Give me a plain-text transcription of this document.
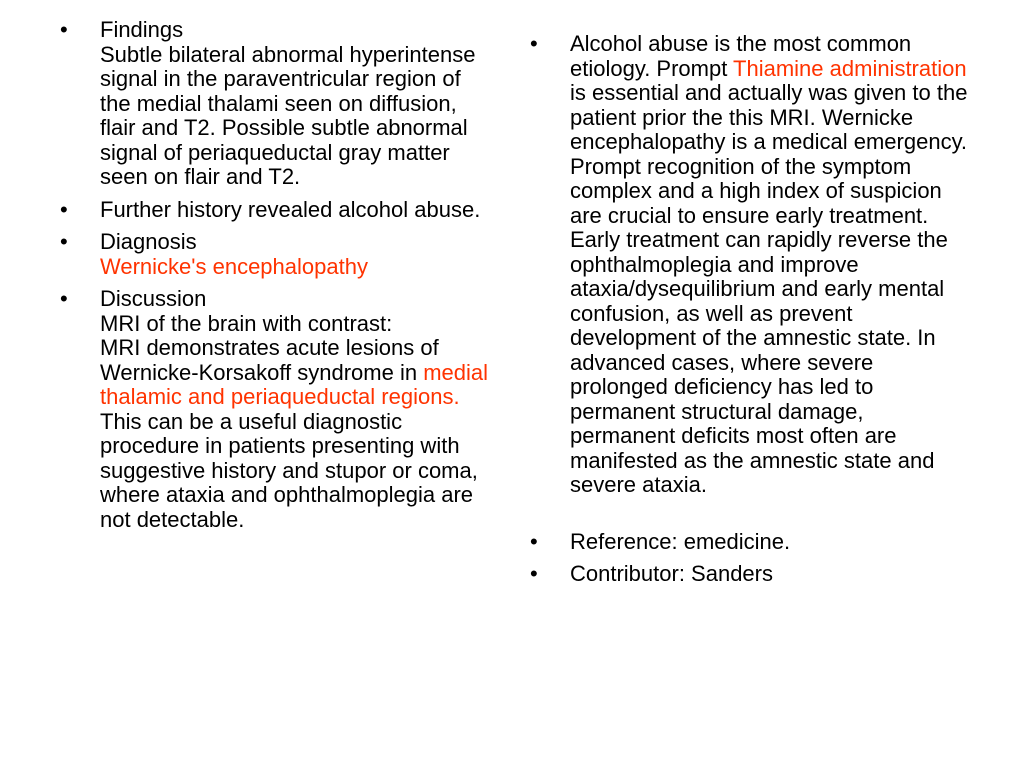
• Findings
Subtle bilateral abnormal hyperintense signal in the paraventricular region of the medial thalami seen on diffusion, flair and T2. Possible subtle abnormal signal of periaqueductal gray matter seen on flair and T2.
• Further history revealed alcohol abuse.
• Diagnosis
Wernicke's encephalopathy
• Discussion
MRI of the brain with contrast:
MRI demonstrates acute lesions of Wernicke-Korsakoff syndrome in medial thalamic and periaqueductal regions. This can be a useful diagnostic procedure in patients presenting with suggestive history and stupor or coma, where ataxia and ophthalmoplegia are not detectable.
• Alcohol abuse is the most common etiology. Prompt Thiamine administration is essential and actually was given to the patient prior the this MRI. Wernicke encephalopathy is a medical emergency. Prompt recognition of the symptom complex and a high index of suspicion are crucial to ensure early treatment. Early treatment can rapidly reverse the ophthalmoplegia and improve ataxia/dysequilibrium and early mental confusion, as well as prevent development of the amnestic state. In advanced cases, where severe prolonged deficiency has led to permanent structural damage, permanent deficits most often are manifested as the amnestic state and severe ataxia.
• Reference: emedicine.
• Contributor: Sanders
